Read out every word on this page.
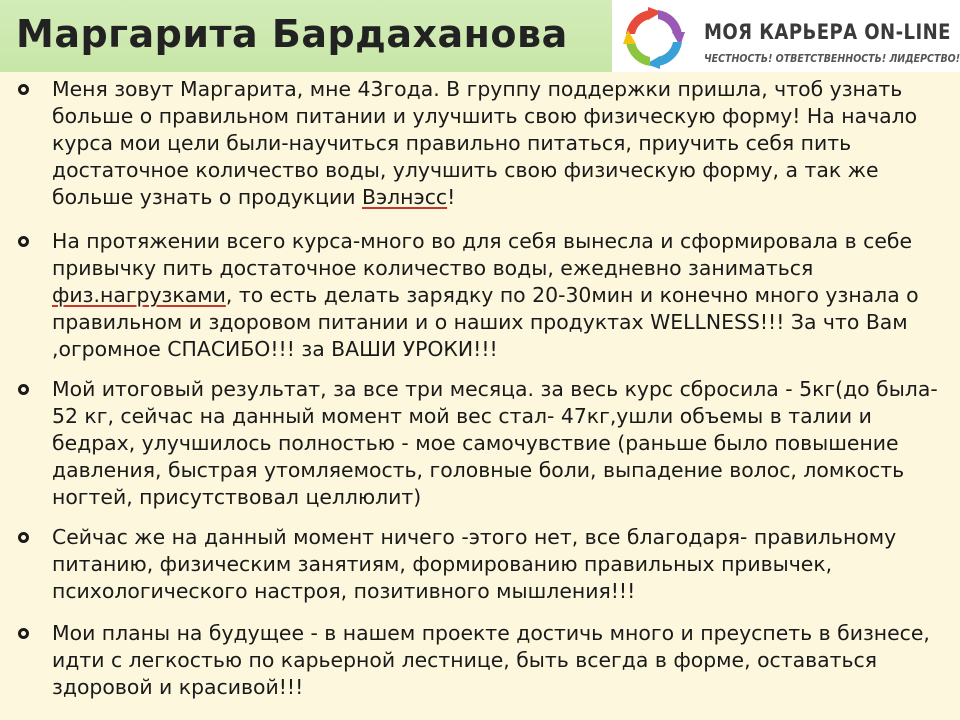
Маргарита Бардаханова	МОЯ КАРЬЕРА ON-LINE
ЧЕСТНОСТЬ! ОТВЕТСТВЕННОСТЬ! ЛИДЕРСТВО!
Меня зовут Маргарита, мне 43года. В группу поддержки пришла, чтоб узнать больше о правильном питании и улучшить свою физическую форму! На начало курса мои цели были-научиться правильно питаться, приучить себя пить достаточное количество воды, улучшить свою физическую форму, а так же больше узнать о продукции Вэлнэсс!
На протяжении всего курса-много во для себя вынесла и сформировала в себе привычку пить достаточное количество воды, ежедневно заниматься физ.нагрузками, то есть делать зарядку по 20-30мин и конечно много узнала о правильном и здоровом питании и о наших продуктах WELLNESS!!! За что Вам ,огромное СПАСИБО!!! за ВАШИ УРОКИ!!!
Мой итоговый результат, за все три месяца. за весь курс сбросила - 5кг(до была- 52 кг, сейчас на данный момент мой вес стал- 47кг,ушли объемы в талии и бедрах, улучшилось полностью - мое самочувствие (раньше было повышение давления, быстрая утомляемость, головные боли, выпадение волос, ломкость ногтей, присутствовал целлюлит)
Сейчас же на данный момент ничего -этого нет, все благодаря- правильному питанию, физическим занятиям, формированию правильных привычек, психологического настроя, позитивного мышления!!!
Мои планы на будущее - в нашем проекте достичь много и преуспеть в бизнесе, идти с легкостью по карьерной лестнице, быть всегда в форме, оставаться здоровой и красивой!!!
